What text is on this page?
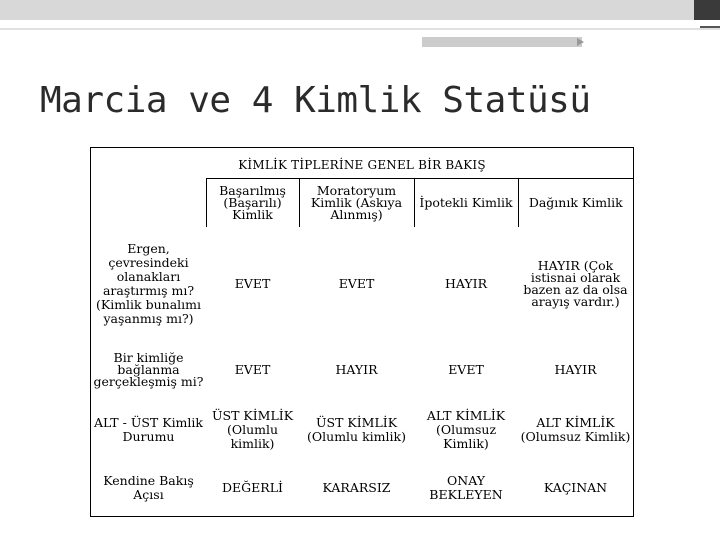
Marcia ve 4 Kimlik Statüsü
KİMLİK TİPLERİNE GENEL BİR BAKIŞ				
	Başarılmış (Başarılı) Kimlik	Moratoryum Kimlik (Askıya Alınmış)	İpotekli Kimlik	Dağınık Kimlik
Ergen, çevresindeki olanakları araştırmış mı? (Kimlik bunalımı yaşanmış mı?)	EVET	EVET	HAYIR	HAYIR (Çok istisnai olarak bazen az da olsa arayış vardır.)
Bir kimliğe bağlanma gerçekleşmiş mi?	EVET	HAYIR	EVET	HAYIR
ALT - ÜST Kimlik Durumu	ÜST KİMLİK (Olumlu kimlik)	ÜST KİMLİK (Olumlu kimlik)	ALT KİMLİK (Olumsuz Kimlik)	ALT KİMLİK (Olumsuz Kimlik)
Kendine Bakış Açısı	DEĞERLİ	KARARSIZ	ONAY BEKLEYEN	KAÇINAN
